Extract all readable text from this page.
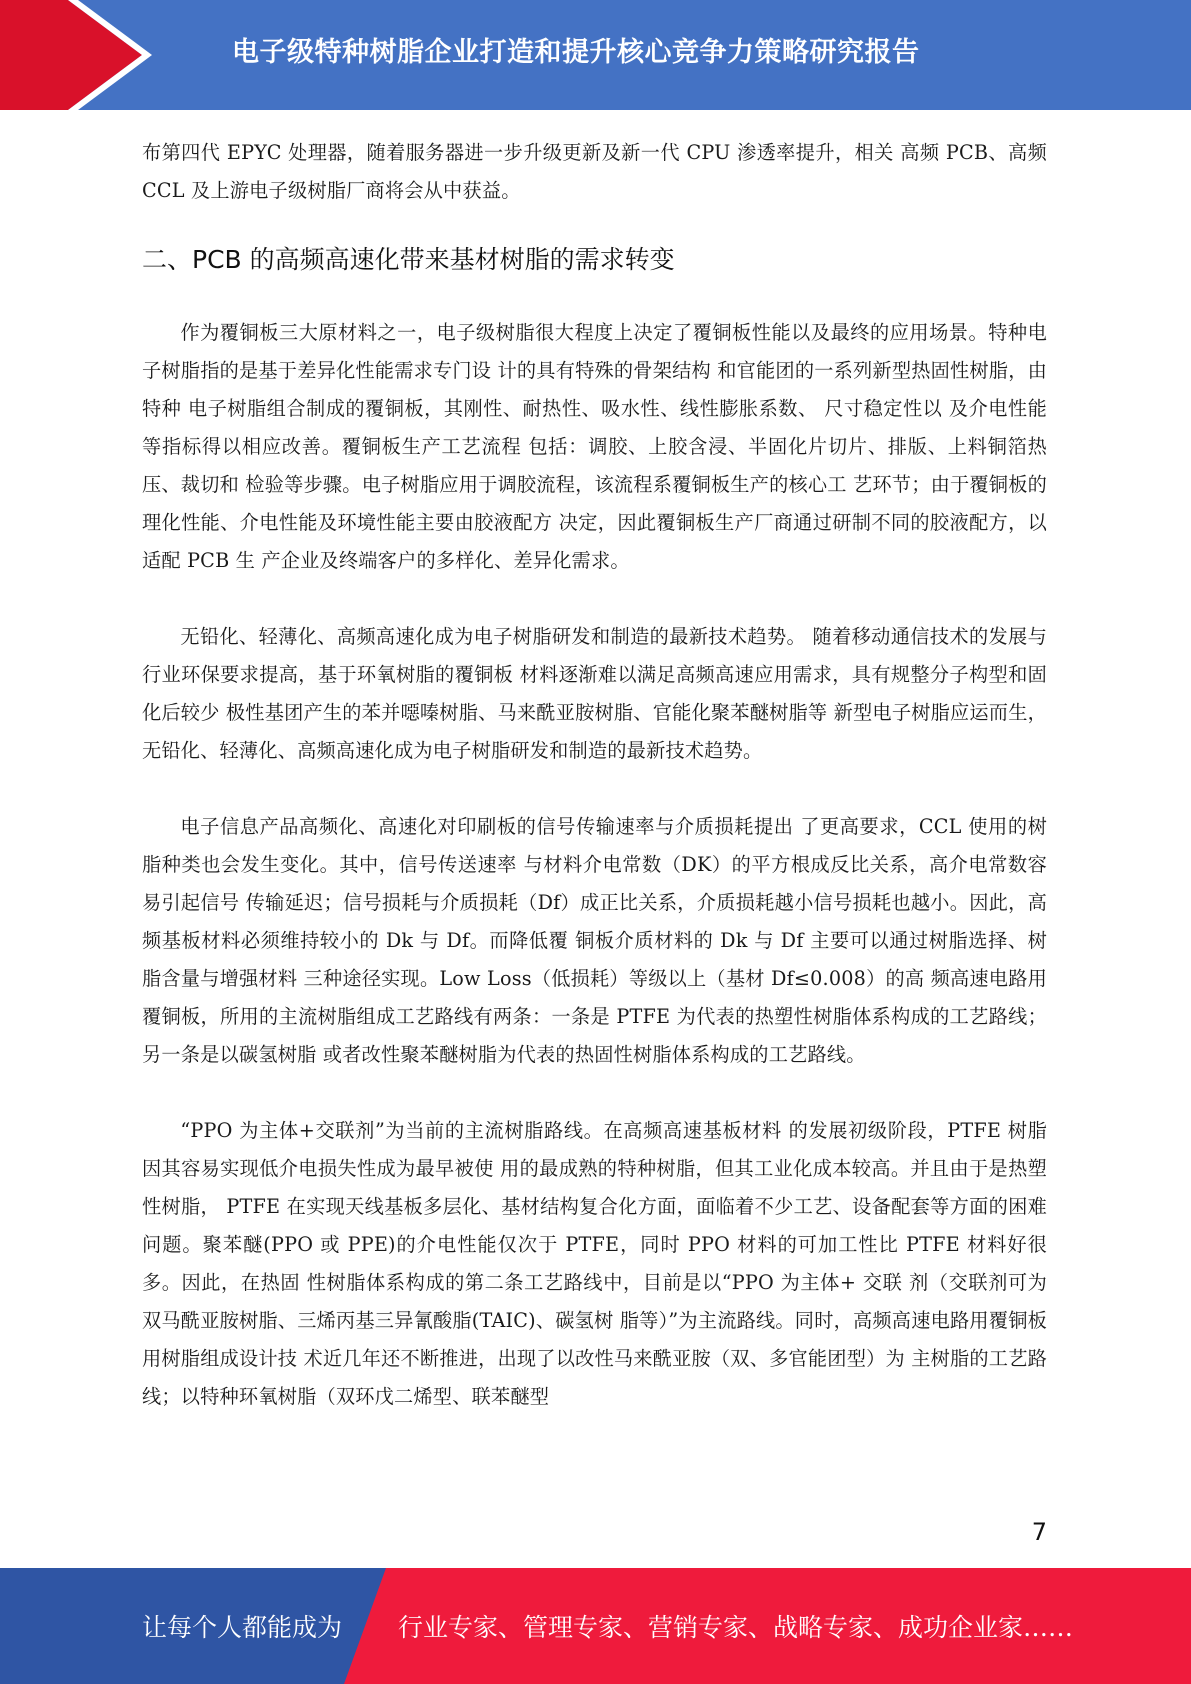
电子级特种树脂企业打造和提升核心竞争力策略研究报告

布第四代 EPYC 处理器，随着服务器进一步升级更新及新一代 CPU 渗透率提升，相关 高频 PCB、高频 CCL 及上游电子级树脂厂商将会从中获益。

二、PCB 的高频高速化带来基材树脂的需求转变

作为覆铜板三大原材料之一，电子级树脂很大程度上决定了覆铜板性能以及最终的应用场景。特种电子树脂指的是基于差异化性能需求专门设 计的具有特殊的骨架结构 和官能团的一系列新型热固性树脂，由特种 电子树脂组合制成的覆铜板，其刚性、耐热性、吸水性、线性膨胀系数、 尺寸稳定性以 及介电性能等指标得以相应改善。覆铜板生产工艺流程 包括：调胶、上胶含浸、半固化片切片、排版、上料铜箔热压、裁切和 检验等步骤。电子树脂应用于调胶流程，该流程系覆铜板生产的核心工 艺环节；由于覆铜板的理化性能、介电性能及环境性能主要由胶液配方 决定，因此覆铜板生产厂商通过研制不同的胶液配方，以适配 PCB 生 产企业及终端客户的多样化、差异化需求。

无铅化、轻薄化、高频高速化成为电子树脂研发和制造的最新技术趋势。 随着移动通信技术的发展与行业环保要求提高，基于环氧树脂的覆铜板 材料逐渐难以满足高频高速应用需求，具有规整分子构型和固化后较少 极性基团产生的苯并噁嗪树脂、马来酰亚胺树脂、官能化聚苯醚树脂等 新型电子树脂应运而生，无铅化、轻薄化、高频高速化成为电子树脂研发和制造的最新技术趋势。

电子信息产品高频化、高速化对印刷板的信号传输速率与介质损耗提出 了更高要求，CCL 使用的树脂种类也会发生变化。其中，信号传送速率 与材料介电常数（DK）的平方根成反比关系，高介电常数容易引起信号 传输延迟；信号损耗与介质损耗（Df）成正比关系，介质损耗越小信号损耗也越小。因此，高频基板材料必须维持较小的 Dk 与 Df。而降低覆 铜板介质材料的 Dk 与 Df 主要可以通过树脂选择、树脂含量与增强材料 三种途径实现。Low Loss（低损耗）等级以上（基材 Df≤0.008）的高 频高速电路用覆铜板，所用的主流树脂组成工艺路线有两条：一条是 PTFE 为代表的热塑性树脂体系构成的工艺路线；另一条是以碳氢树脂 或者改性聚苯醚树脂为代表的热固性树脂体系构成的工艺路线。

“PPO 为主体+交联剂”为当前的主流树脂路线。在高频高速基板材料 的发展初级阶段，PTFE 树脂因其容易实现低介电损失性成为最早被使 用的最成熟的特种树脂，但其工业化成本较高。并且由于是热塑性树脂， PTFE 在实现天线基板多层化、基材结构复合化方面，面临着不少工艺、设备配套等方面的困难问题。聚苯醚(PPO 或 PPE)的介电性能仅次于 PTFE，同时 PPO 材料的可加工性比 PTFE 材料好很多。因此，在热固 性树脂体系构成的第二条工艺路线中，目前是以“PPO 为主体+ 交联 剂（交联剂可为双马酰亚胺树脂、三烯丙基三异氰酸脂(TAIC)、碳氢树 脂等）”为主流路线。同时，高频高速电路用覆铜板用树脂组成设计技 术近几年还不断推进，出现了以改性马来酰亚胺（双、多官能团型）为 主树脂的工艺路线；以特种环氧树脂（双环戊二烯型、联苯醚型

7
让每个人都能成为 行业专家、管理专家、营销专家、战略专家、成功企业家……
